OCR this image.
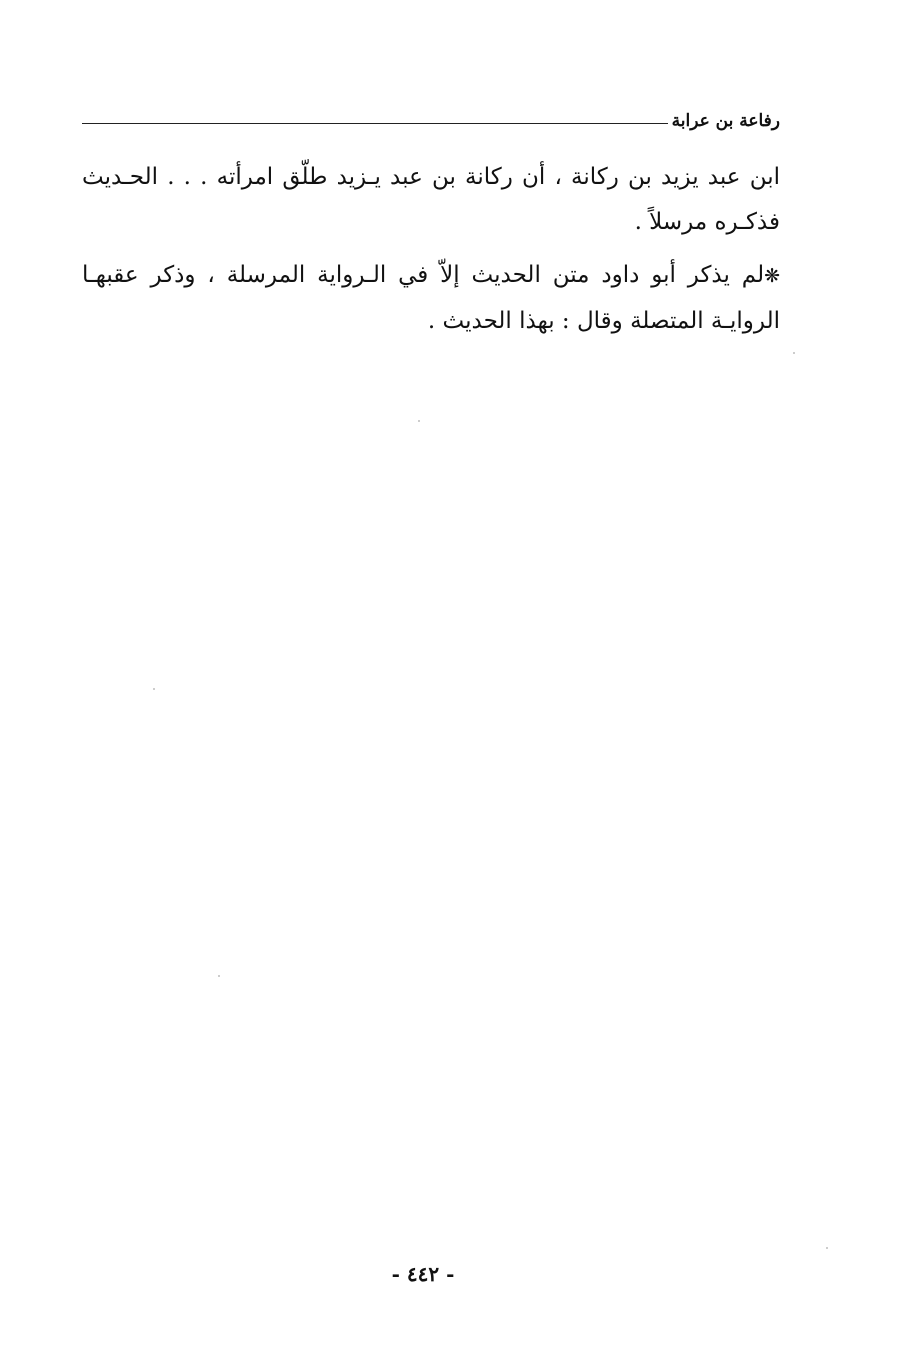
رفاعة بن عرابة

ابن عبد يزيد بن ركانة ، أن ركانة بن عبد يـزيد طلّق امرأته . . . الحـديث فذكـره مرسلاً .

❋لم يذكر أبو داود متن الحديث إلاّ في الـرواية المرسلة ، وذكر عقبهـا الروايـة المتصلة وقال : بهذا الحديث .

- ٤٤٢ -
